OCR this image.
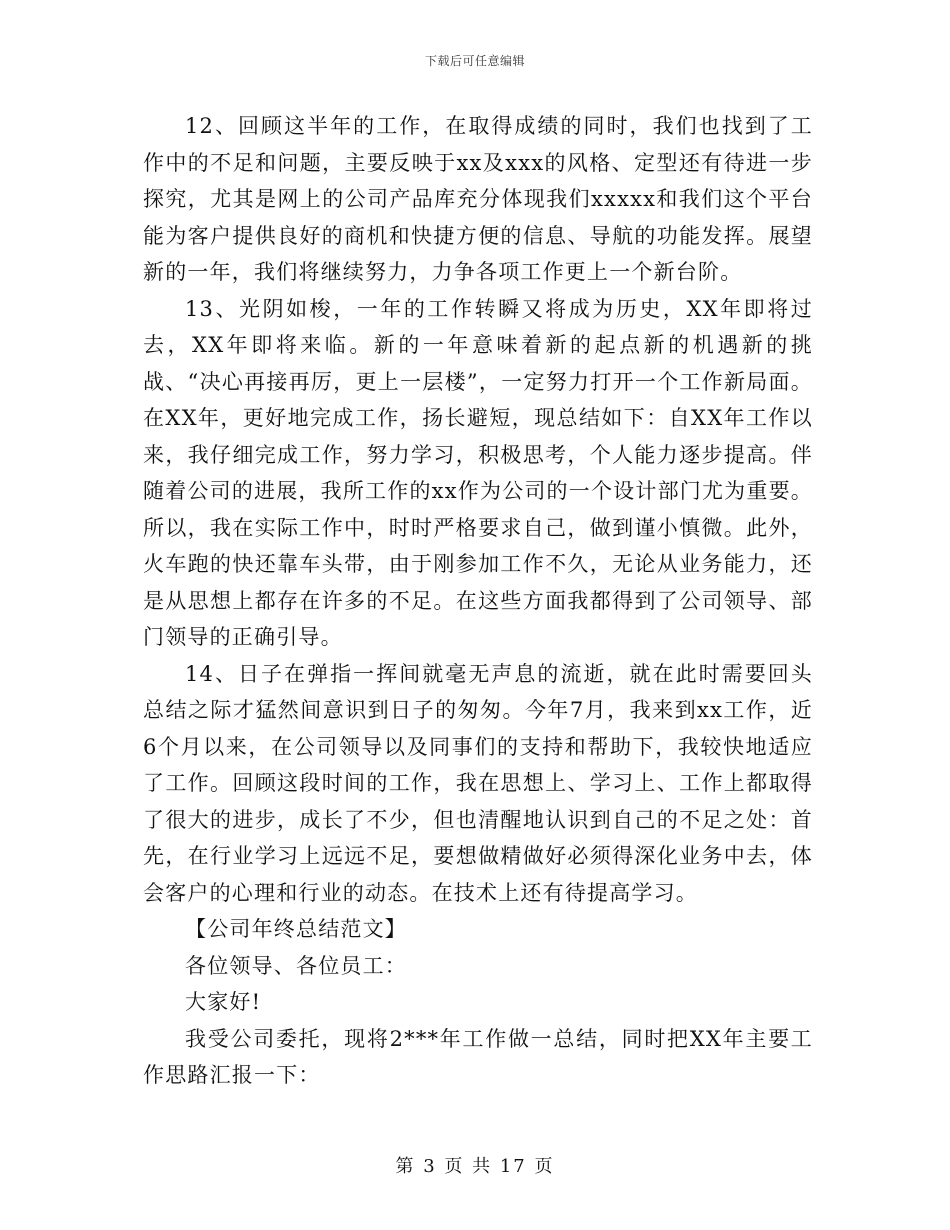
下载后可任意编辑

12、回顾这半年的工作，在取得成绩的同时，我们也找到了工作中的不足和问题，主要反映于xx及xxx的风格、定型还有待进一步探究，尤其是网上的公司产品库充分体现我们xxxxx和我们这个平台能为客户提供良好的商机和快捷方便的信息、导航的功能发挥。展望新的一年，我们将继续努力，力争各项工作更上一个新台阶。

13、光阴如梭，一年的工作转瞬又将成为历史，XX年即将过去，XX年即将来临。新的一年意味着新的起点新的机遇新的挑战、“决心再接再厉，更上一层楼”，一定努力打开一个工作新局面。在XX年，更好地完成工作，扬长避短，现总结如下：自XX年工作以来，我仔细完成工作，努力学习，积极思考，个人能力逐步提高。伴随着公司的进展，我所工作的xx作为公司的一个设计部门尤为重要。所以，我在实际工作中，时时严格要求自己，做到谨小慎微。此外，火车跑的快还靠车头带，由于刚参加工作不久，无论从业务能力，还是从思想上都存在许多的不足。在这些方面我都得到了公司领导、部门领导的正确引导。

14、日子在弹指一挥间就毫无声息的流逝，就在此时需要回头总结之际才猛然间意识到日子的匆匆。今年7月，我来到xx工作，近6个月以来，在公司领导以及同事们的支持和帮助下，我较快地适应了工作。回顾这段时间的工作，我在思想上、学习上、工作上都取得了很大的进步，成长了不少，但也清醒地认识到自己的不足之处：首先，在行业学习上远远不足，要想做精做好必须得深化业务中去，体会客户的心理和行业的动态。在技术上还有待提高学习。

【公司年终总结范文】

各位领导、各位员工：

大家好!

我受公司委托，现将2***年工作做一总结，同时把XX年主要工作思路汇报一下：

第 3 页 共 17 页
